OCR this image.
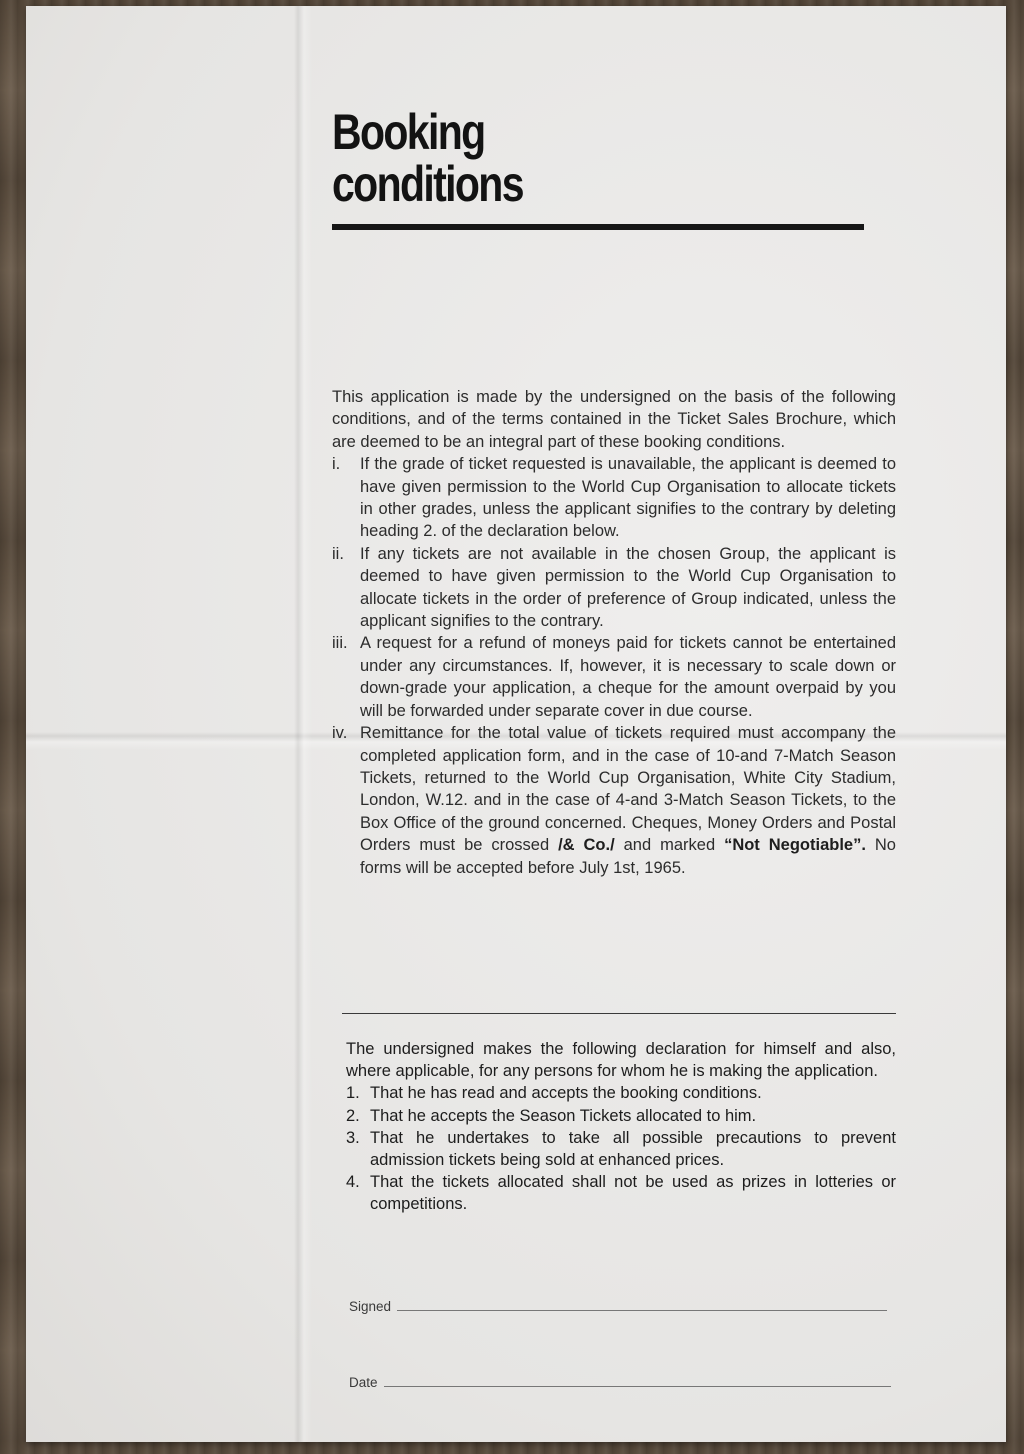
Booking
conditions

This application is made by the undersigned on the basis of the following conditions, and of the terms contained in the Ticket Sales Brochure, which are deemed to be an integral part of these booking conditions.

i. If the grade of ticket requested is unavailable, the applicant is deemed to have given permission to the World Cup Organisation to allocate tickets in other grades, unless the applicant signifies to the contrary by deleting heading 2. of the declaration below.
ii. If any tickets are not available in the chosen Group, the applicant is deemed to have given permission to the World Cup Organisation to allocate tickets in the order of preference of Group indicated, unless the applicant signifies to the contrary.
iii. A request for a refund of moneys paid for tickets cannot be entertained under any circumstances. If, however, it is necessary to scale down or down-grade your application, a cheque for the amount overpaid by you will be forwarded under separate cover in due course.
iv. Remittance for the total value of tickets required must accompany the completed application form, and in the case of 10-and 7-Match Season Tickets, returned to the World Cup Organisation, White City Stadium, London, W.12. and in the case of 4-and 3-Match Season Tickets, to the Box Office of the ground concerned. Cheques, Money Orders and Postal Orders must be crossed /& Co./ and marked “Not Negotiable”. No forms will be accepted before July 1st, 1965.
The undersigned makes the following declaration for himself and also, where applicable, for any persons for whom he is making the application.
1. That he has read and accepts the booking conditions.
2. That he accepts the Season Tickets allocated to him.
3. That he undertakes to take all possible precautions to prevent admission tickets being sold at enhanced prices.
4. That the tickets allocated shall not be used as prizes in lotteries or competitions.
Signed
Date
